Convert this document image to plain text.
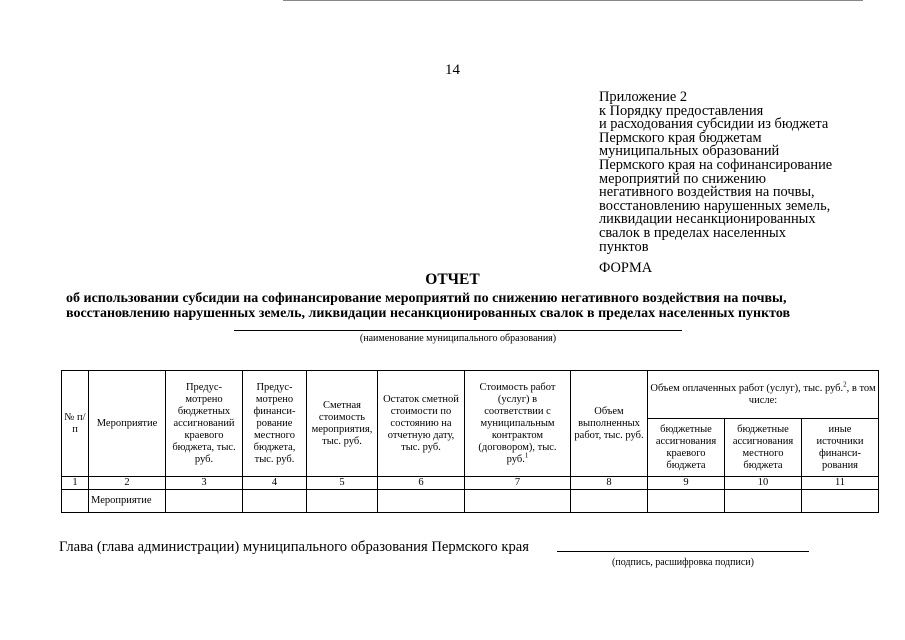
14
Приложение 2
к Порядку предоставления
и расходования субсидии из бюджета
Пермского края бюджетам
муниципальных образований
Пермского края на софинансирование
мероприятий по снижению
негативного воздействия на почвы,
восстановлению нарушенных земель,
ликвидации несанкционированных
свалок в пределах населенных
пунктов
ФОРМА
ОТЧЕТ
об использовании субсидии на софинансирование мероприятий по снижению негативного воздействия на почвы,
восстановлению нарушенных земель, ликвидации несанкционированных свалок в пределах населенных пунктов
(наименование муниципального образования)
№ п/п	Мероприятие	Предус-мотрено бюджетных ассигнований краевого бюджета, тыс. руб.	Предус-мотрено финанси-рование местного бюджета, тыс. руб.	Сметная стоимость мероприятия, тыс. руб.	Остаток сметной стоимости по состоянию на отчетную дату, тыс. руб.	Стоимость работ (услуг) в соответствии с муниципальным контрактом (договором), тыс. руб.$^1$	Объем выполненных работ, тыс. руб.	Объем оплаченных работ (услуг), тыс. руб.$^2$, в том числе:		
								бюджетные ассигнования краевого бюджета	бюджетные ассигнования местного бюджета	иные источники финанси-рования
1	2	3	4	5	6	7	8	9	10	11
	Мероприятие									
Глава (глава администрации) муниципального образования Пермского края
(подпись, расшифровка подписи)
